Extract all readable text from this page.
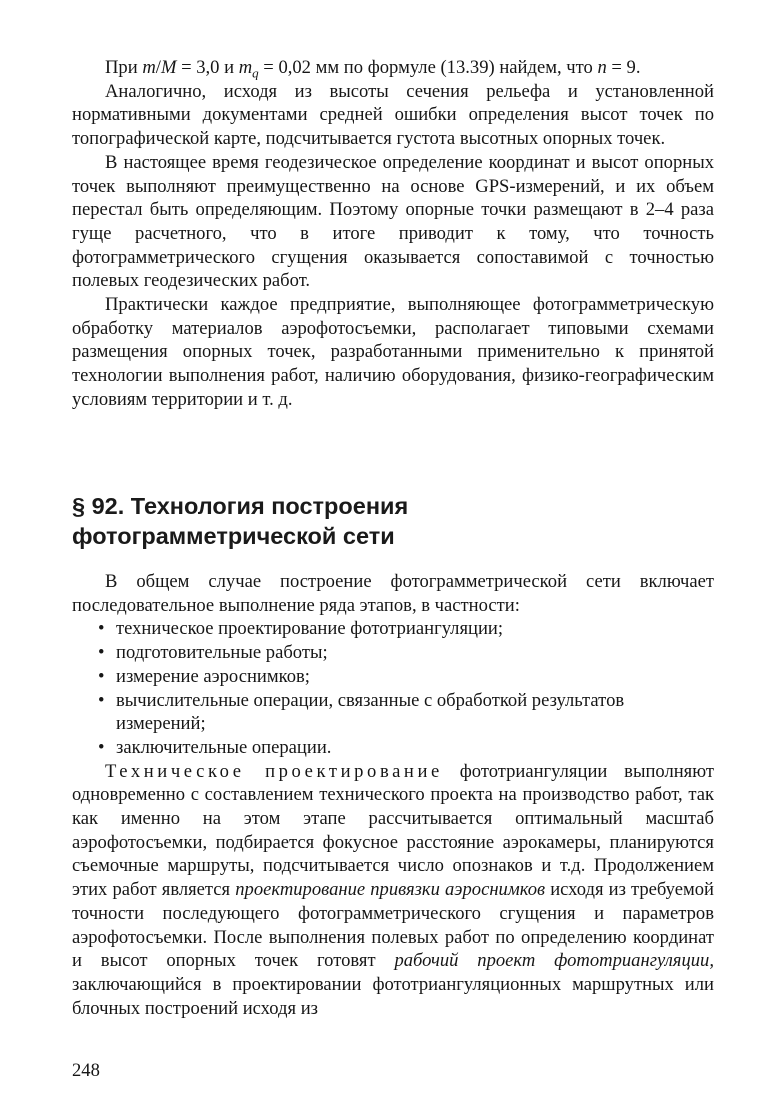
При m/M = 3,0 и $m_q = 0,02$ мм по формуле (13.39) найдем, что n = 9.

Аналогично, исходя из высоты сечения рельефа и установленной нормативными документами средней ошибки определения высот точек по топографической карте, подсчитывается густота высотных опорных точек.

В настоящее время геодезическое определение координат и высот опорных точек выполняют преимущественно на основе GPS-измерений, и их объем перестал быть определяющим. Поэтому опорные точки размещают в 2–4 раза гуще расчетного, что в итоге приводит к тому, что точность фотограмметрического сгущения оказывается сопоставимой с точностью полевых геодезических работ.

Практически каждое предприятие, выполняющее фотограмметрическую обработку материалов аэрофотосъемки, располагает типовыми схемами размещения опорных точек, разработанными применительно к принятой технологии выполнения работ, наличию оборудования, физико-географическим условиям территории и т. д.

§ 92. Технология построения
фотограмметрической сети

В общем случае построение фотограмметрической сети включает последовательное выполнение ряда этапов, в частности:

• техническое проектирование фототриангуляции;
• подготовительные работы;
• измерение аэроснимков;
• вычислительные операции, связанные с обработкой результатов измерений;
• заключительные операции.

Техническое проектирование фототриангуляции выполняют одновременно с составлением технического проекта на производство работ, так как именно на этом этапе рассчитывается оптимальный масштаб аэрофотосъемки, подбирается фокусное расстояние аэрокамеры, планируются съемочные маршруты, подсчитывается число опознаков и т.д. Продолжением этих работ является проектирование привязки аэроснимков исходя из требуемой точности последующего фотограмметрического сгущения и параметров аэрофотосъемки. После выполнения полевых работ по определению координат и высот опорных точек готовят рабочий проект фототриангуляции, заключающийся в проектировании фототриангуляционных маршрутных или блочных построений исходя из

248
